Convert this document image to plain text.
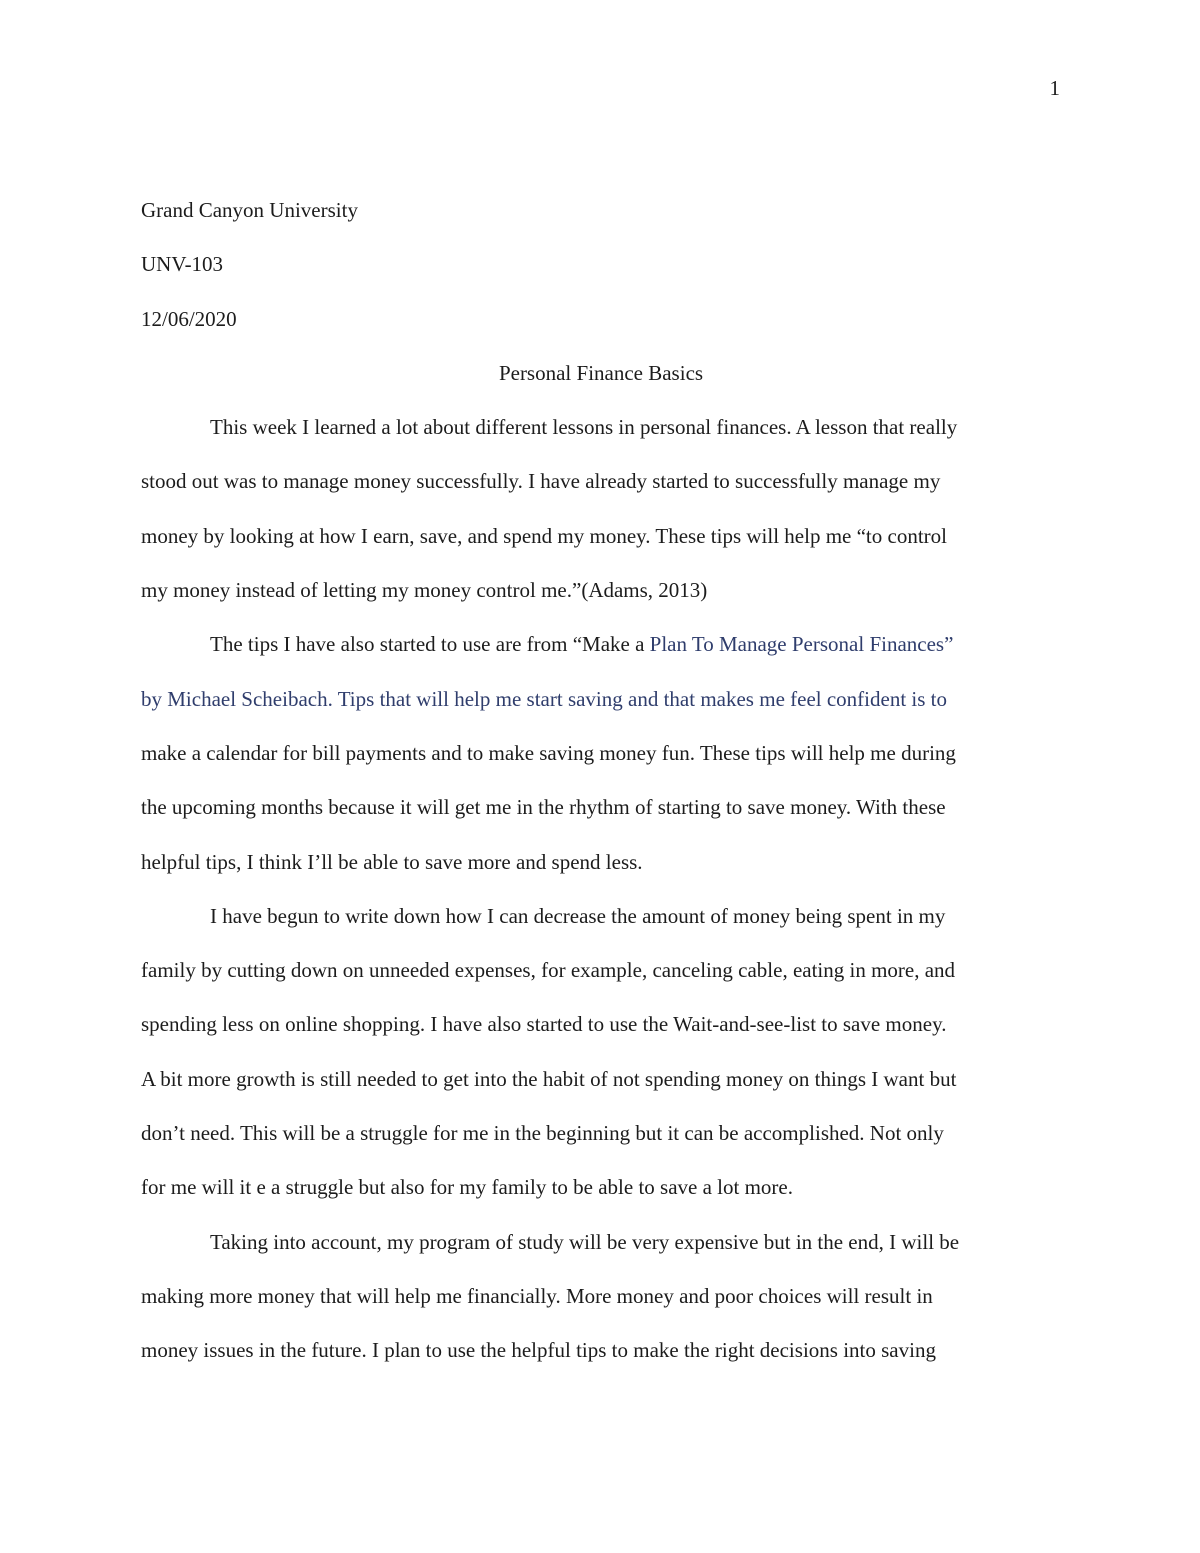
1
Grand Canyon University
UNV-103
12/06/2020
Personal Finance Basics
This week I learned a lot about different lessons in personal finances. A lesson that really
stood out was to manage money successfully. I have already started to successfully manage my
money by looking at how I earn, save, and spend my money. These tips will help me “to control
my money instead of letting my money control me.”(Adams, 2013)
The tips I have also started to use are from “Make a Plan To Manage Personal Finances”
by Michael Scheibach. Tips that will help me start saving and that makes me feel confident is to
make a calendar for bill payments and to make saving money fun. These tips will help me during
the upcoming months because it will get me in the rhythm of starting to save money. With these
helpful tips, I think I’ll be able to save more and spend less.
I have begun to write down how I can decrease the amount of money being spent in my
family by cutting down on unneeded expenses, for example, canceling cable, eating in more, and
spending less on online shopping. I have also started to use the Wait-and-see-list to save money.
A bit more growth is still needed to get into the habit of not spending money on things I want but
don’t need. This will be a struggle for me in the beginning but it can be accomplished. Not only
for me will it e a struggle but also for my family to be able to save a lot more.
Taking into account, my program of study will be very expensive but in the end, I will be
making more money that will help me financially. More money and poor choices will result in
money issues in the future. I plan to use the helpful tips to make the right decisions into saving
